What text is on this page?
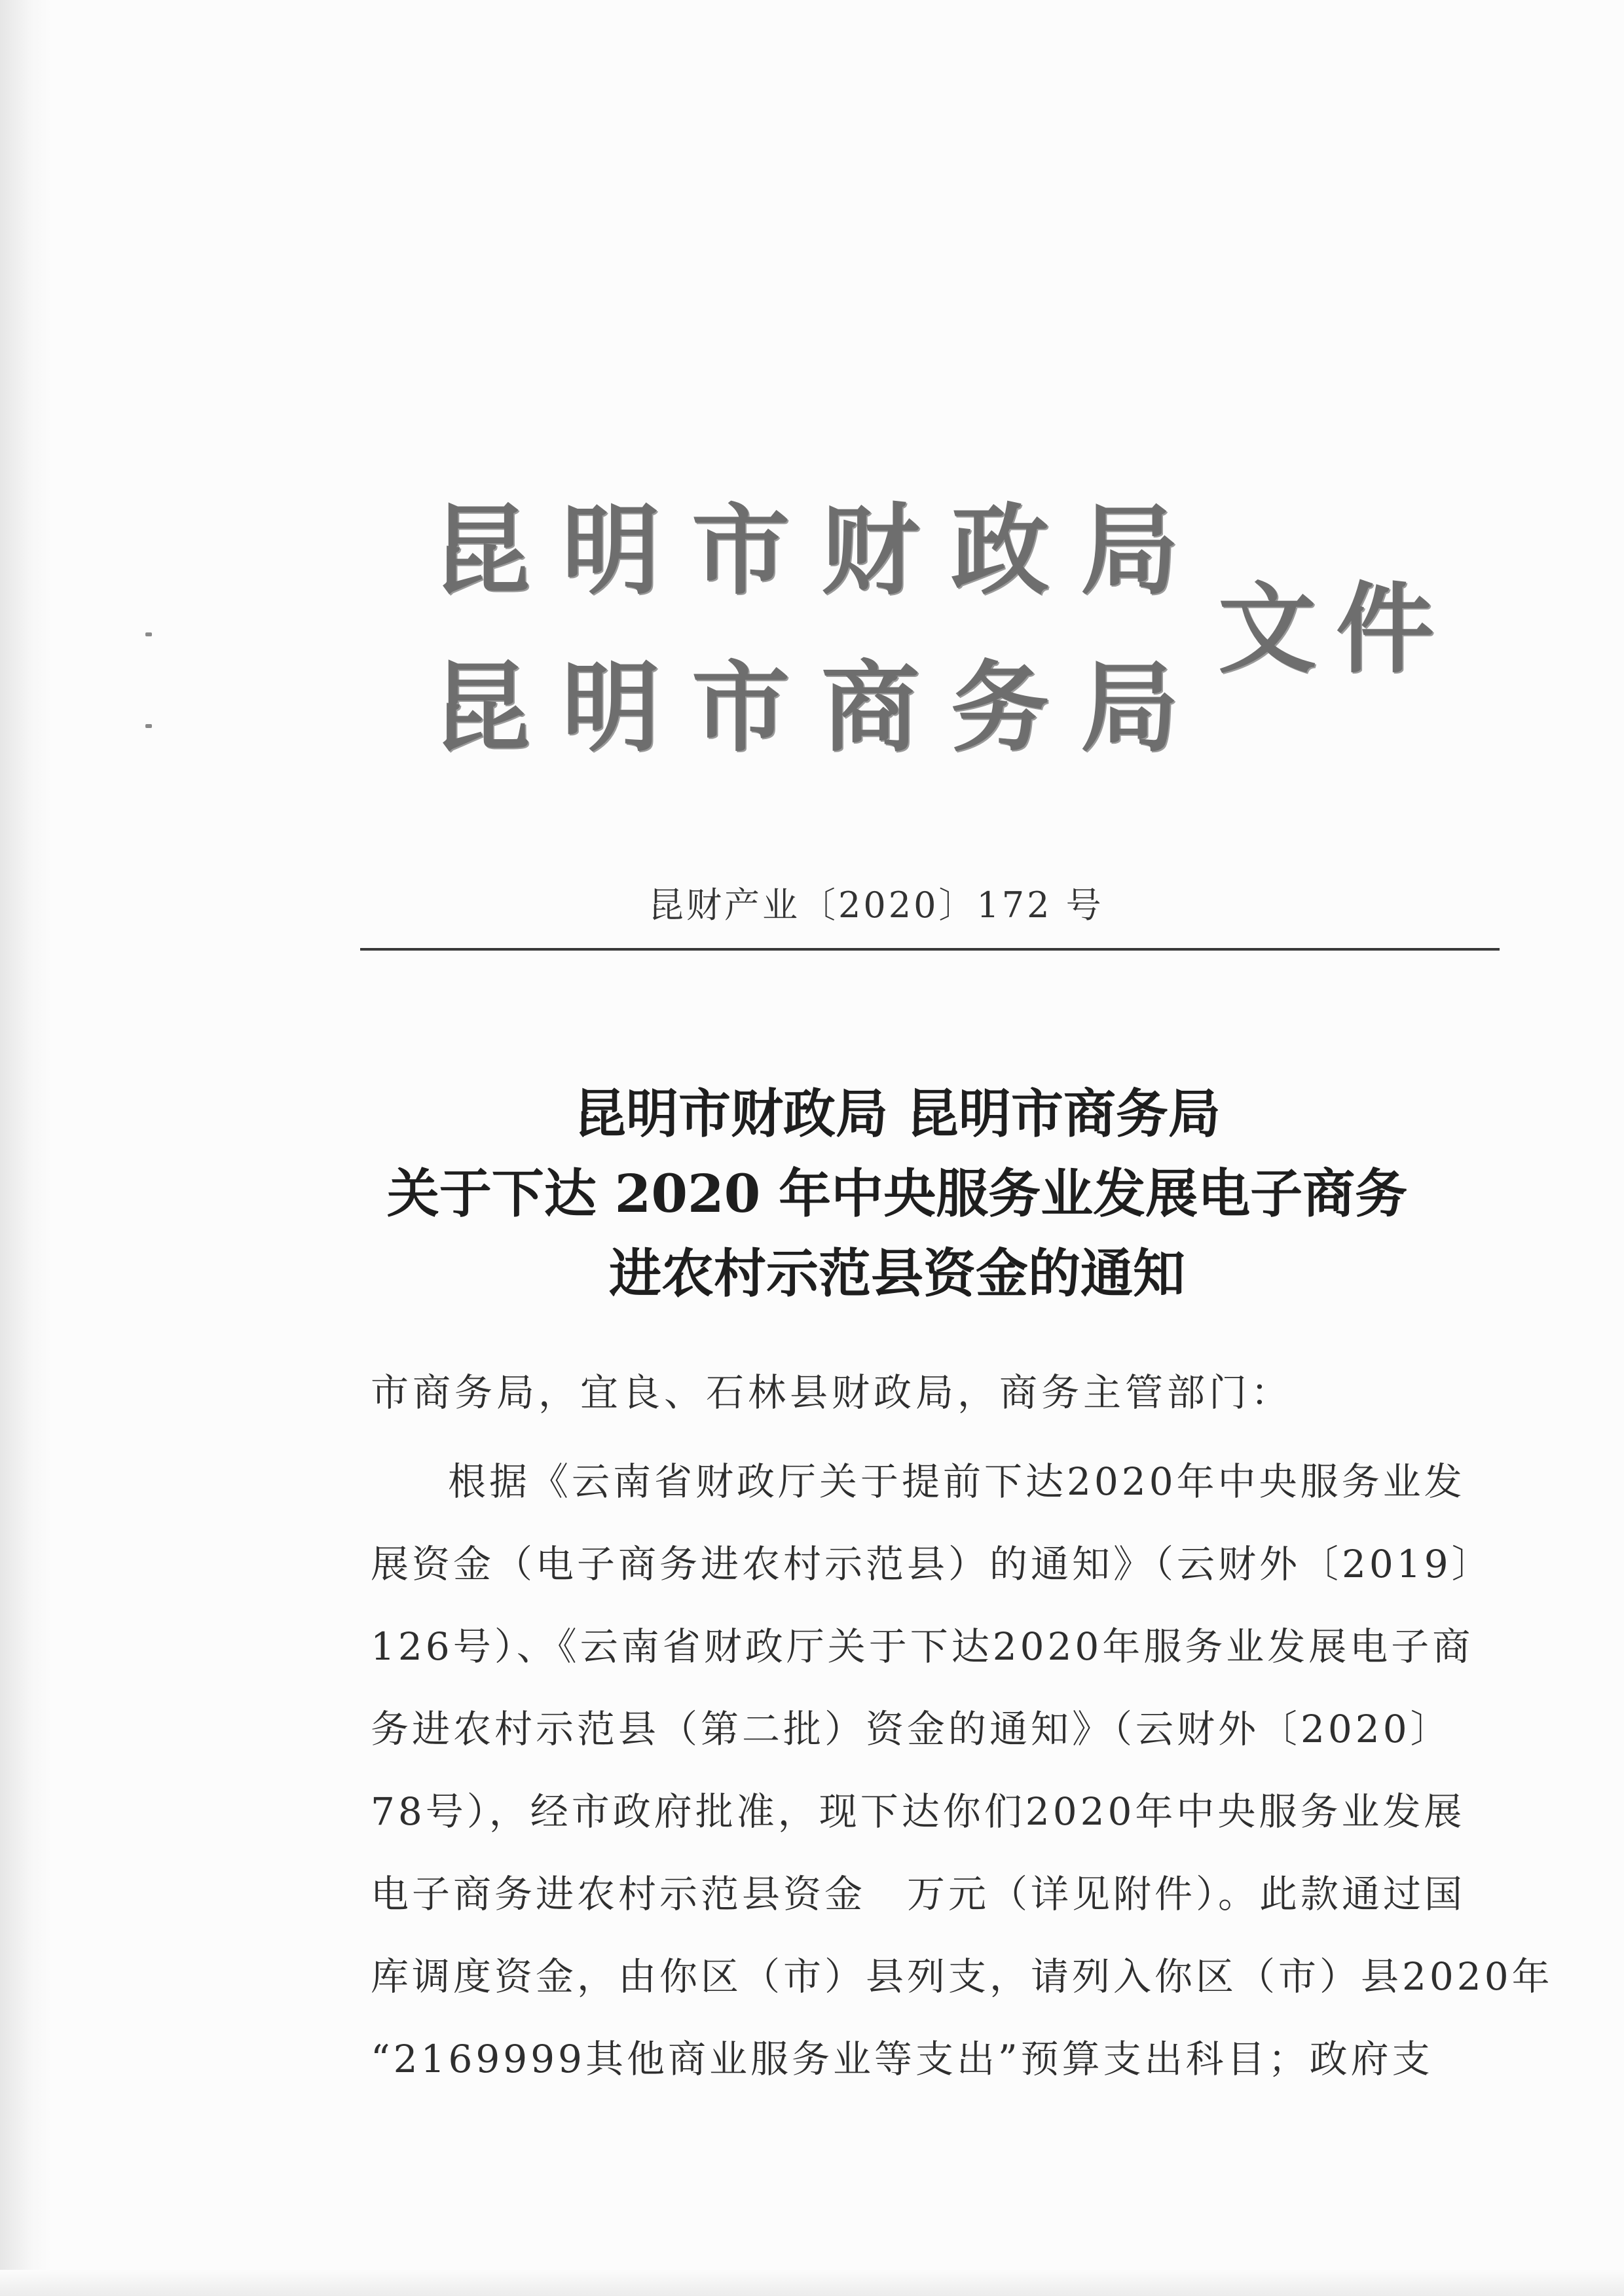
昆明市财政局
昆明市商务局
文件
昆财产业〔2020〕172 号
昆明市财政局 昆明市商务局
关于下达 2020 年中央服务业发展电子商务
进农村示范县资金的通知
市商务局，宜良、石林县财政局，商务主管部门：
根据《云南省财政厅关于提前下达2020年中央服务业发
展资金（电子商务进农村示范县）的通知》（云财外〔2019〕
126号）、《云南省财政厅关于下达2020年服务业发展电子商
务进农村示范县（第二批）资金的通知》（云财外〔2020〕
78号），经市政府批准，现下达你们2020年中央服务业发展
电子商务进农村示范县资金　万元（详见附件）。此款通过国
库调度资金，由你区（市）县列支，请列入你区（市）县2020年
“2169999其他商业服务业等支出”预算支出科目；政府支
